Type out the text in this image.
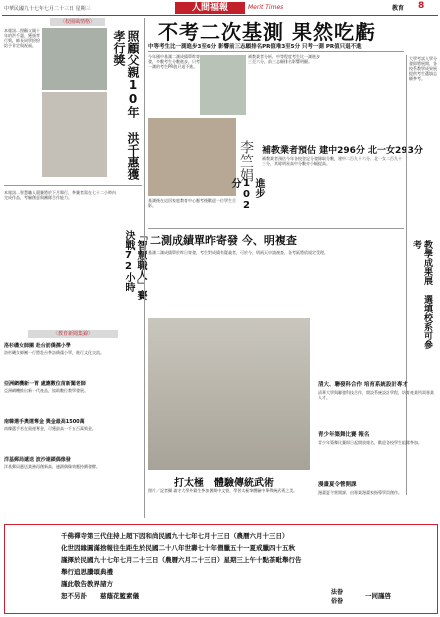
中華民國九十七年七月二十三日 星期三	人間福報	Merit Times	教育 8
〈校園風情格〉
本報訊…照顧父親十年的洪千惠，獲頒孝行獎，師長同學紛紛給予肯定與祝福。	照顧父親10年 洪千惠獲孝行獎
「智慧職人」賽 決戰72小時
本報訊…智慧職人競賽將於下月舉行，參賽者需在七十二小時內完成作品，考驗創意與團隊合作能力。
〈教育新聞集錦〉
洛杉磯女師團 赴台訪僑孺小學
洛杉磯女師團一行將赴台參訪僑孺小學，進行文化交流。
亞洲網機新一胃 處應數位苗新闖老師
亞洲網機推出新一代產品，協助數位教學發展。
南韓選手奧運奪金 獎金最高1500萬
南韓選手若在奧運奪金，可獲最高一千五百萬獎金。
洋基郵局遞送 波沙連鎖偶像發
洋基郵局遞送業務再創新高，連鎖偶像效應持續發酵。
不考二次基測 果然吃虧
中等考生比一測進步3至6分 影響前三志願排名PR值堆3至5分 只考一測 PR值只退不進
今年國中基測二測成績單昨寄發，多數考生分數進步，只考一測的考生PR值只退不進。
補教業者分析，中等程度考生比一測進步三至六分，前三志願排名影響明顯。
基測後在這回家庭教育中心應考後歡迎一位學生合影。
李竺娟
進步102分
補教業者預估 建中296分 北一女293分
補教業者預估今年各校登記分發錄取分數，建中二百九十六分、北一女二百九十三分，其餘明星高中分數亦小幅提高。
二測成績單昨寄發 今、明複查
基測二測成績單於昨日寄發，考生對成績有疑義者，可於今、明兩天申請複查，各考區將依規定受理。
大學考試入學分發即將展開，各校系教學成果展提供考生選填志願參考。
教學成果展 選填校系可參考
清大、聯發科合作 培育系統設計專才
清華大學與聯發科技合作，開設系統設計學程，培育產業所需專業人才。
青少年築舞比賽 報名
青少年築舞比賽即日起開放報名，歡迎各校學生組隊參加。
漫畫夏令營開課
漫畫夏令營開課，由專業漫畫家指導學員創作。
打太極　體驗傳統武術
照片／記者攝 義守大學外籍生參加暑期中文營，學習太極拳體驗中華傳統武術之美。
千佛禪寺第三代住持上超下因和尚民國九十七年七月十三日（農曆六月十三日）
化世因緣圓滿捨報往生距生於民國二十八年世壽七十年僧臘五十一夏戒臘四十五秋
謹擇於民國九十七年七月二十三日（農曆六月二十三日）星期三上午十點茶毗舉行告
舉行追思讚頌典禮
謹此敬告教界諸方
恕不另訃　　慈蔭花籃素儀	法眷
俗眷
一同謹啓
